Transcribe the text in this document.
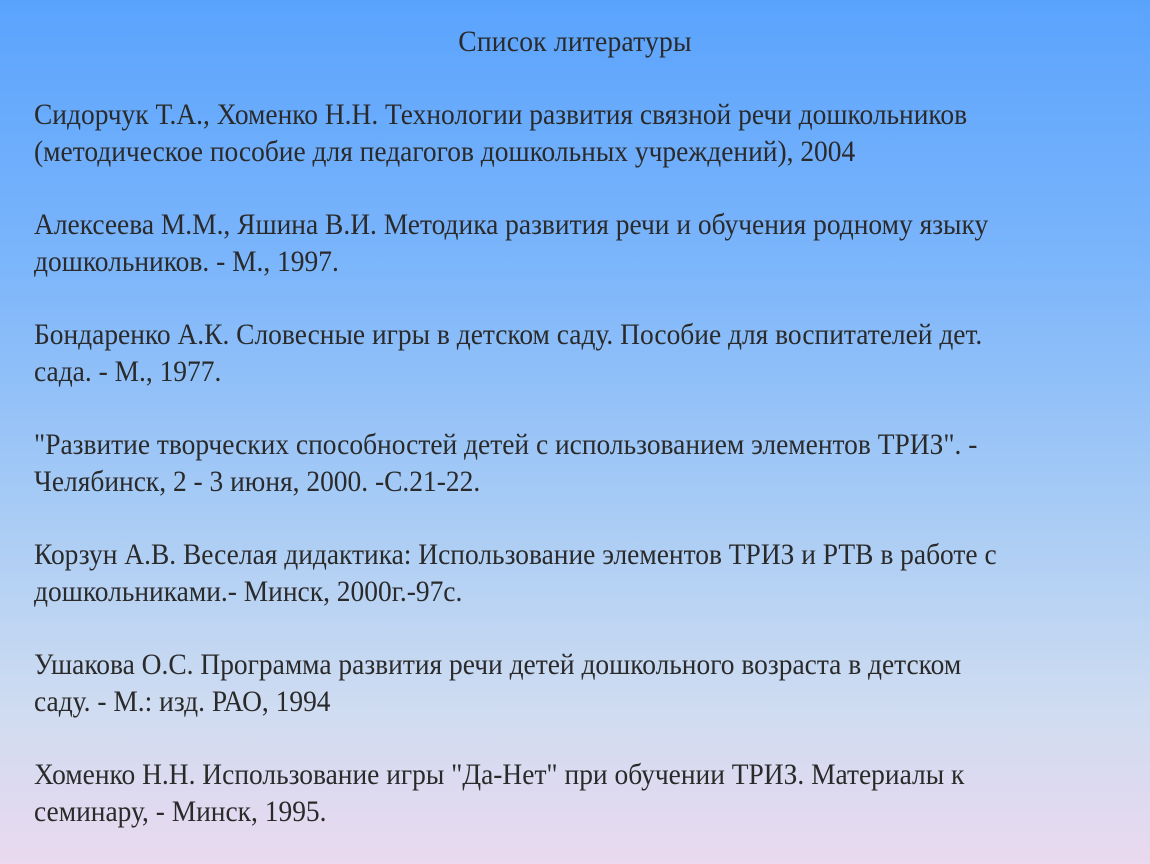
Список литературы
Сидорчук Т.А., Хоменко Н.Н. Технологии развития связной речи дошкольников
(методическое пособие для педагогов дошкольных учреждений), 2004
Алексеева М.М., Яшина В.И. Методика развития речи и обучения родному языку
дошкольников. - М., 1997.
Бондаренко А.К. Словесные игры в детском саду. Пособие для воспитателей дет.
сада. - М., 1977.
"Развитие творческих способностей детей с использованием элементов ТРИЗ". -
Челябинск, 2 - 3 июня, 2000. -С.21-22.
Корзун А.В. Веселая дидактика: Использование элементов ТРИЗ и РТВ в работе с
дошкольниками.- Минск, 2000г.-97с.
Ушакова О.С. Программа развития речи детей дошкольного возраста в детском
саду. - М.: изд. РАО, 1994
Хоменко Н.Н. Использование игры "Да-Нет" при обучении ТРИЗ. Материалы к
семинару, - Минск, 1995.
